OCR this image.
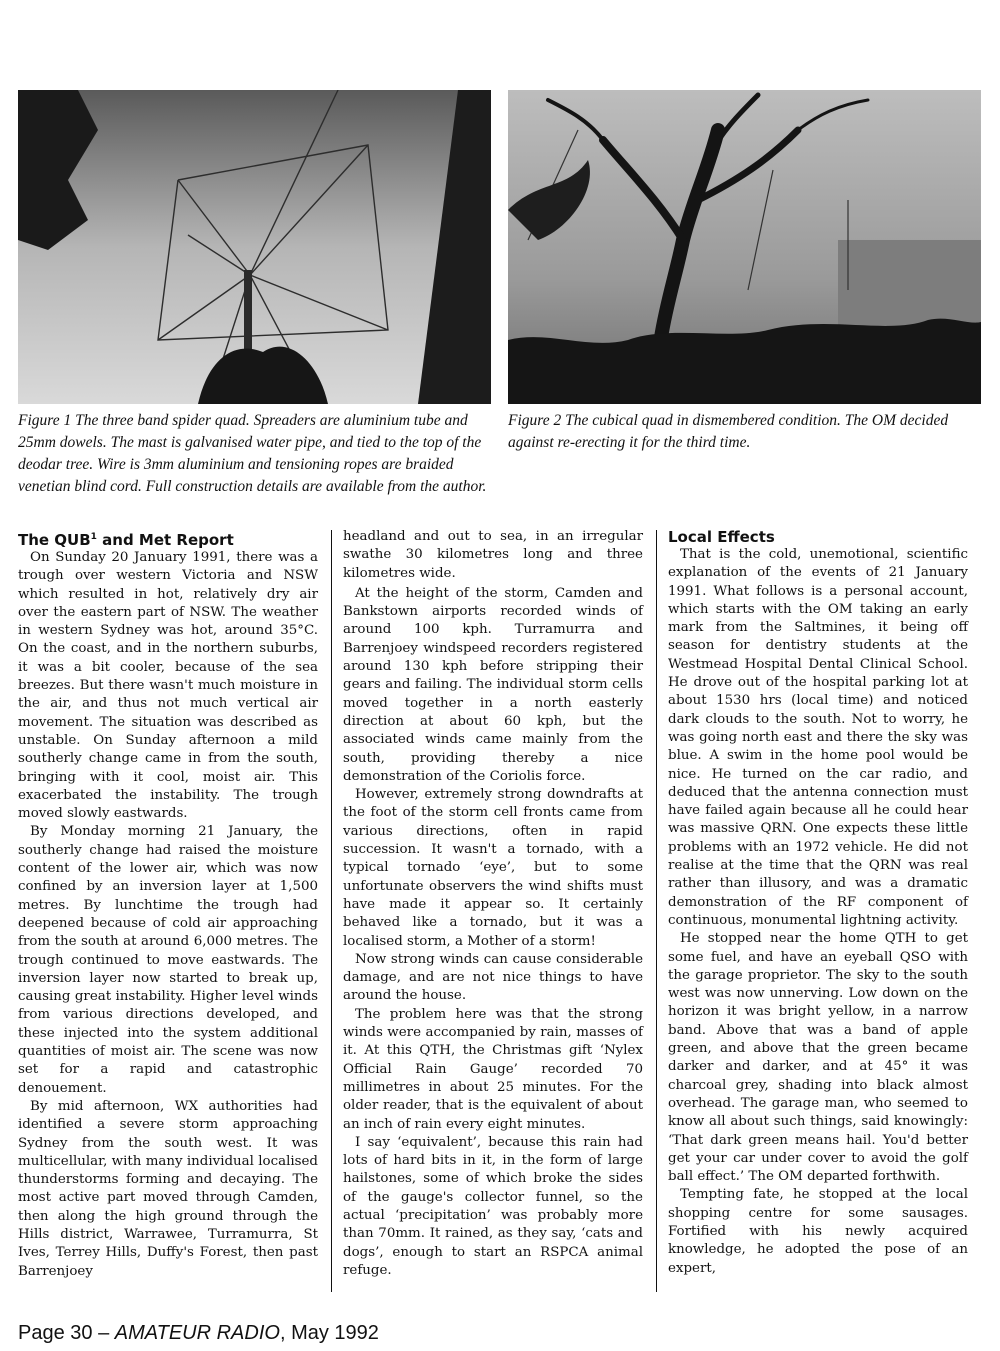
Figure 1 The three band spider quad. Spreaders are aluminium tube and 25mm dowels. The mast is galvanised water pipe, and tied to the top of the deodar tree. Wire is 3mm aluminium and tensioning ropes are braided venetian blind cord. Full construction details are available from the author.
Figure 2 The cubical quad in dismembered condition. The OM decided against re-erecting it for the third time.
The QUB$^1$ and Met Report

On Sunday 20 January 1991, there was a trough over western Victoria and NSW which resulted in hot, relatively dry air over the eastern part of NSW. The weather in western Sydney was hot, around 35°C. On the coast, and in the northern suburbs, it was a bit cooler, because of the sea breezes. But there wasn't much moisture in the air, and thus not much vertical air movement. The situation was described as unstable. On Sunday afternoon a mild southerly change came in from the south, bringing with it cool, moist air. This exacerbated the instability. The trough moved slowly eastwards.

By Monday morning 21 January, the southerly change had raised the moisture content of the lower air, which was now confined by an inversion layer at 1,500 metres. By lunchtime the trough had deepened because of cold air approaching from the south at around 6,000 metres. The trough continued to move eastwards. The inversion layer now started to break up, causing great instability. Higher level winds from various directions developed, and these injected into the system additional quantities of moist air. The scene was now set for a rapid and catastrophic denouement.

By mid afternoon, WX authorities had identified a severe storm approaching Sydney from the south west. It was multicellular, with many individual localised thunderstorms forming and decaying. The most active part moved through Camden, then along the high ground through the Hills district, Warrawee, Turramurra, St Ives, Terrey Hills, Duffy's Forest, then past Barrenjoey

headland and out to sea, in an irregular swathe 30 kilometres long and three kilometres wide.

At the height of the storm, Camden and Bankstown airports recorded winds of around 100 kph. Turramurra and Barrenjoey windspeed recorders registered around 130 kph before stripping their gears and failing. The individual storm cells moved together in a north easterly direction at about 60 kph, but the associated winds came mainly from the south, providing thereby a nice demonstration of the Coriolis force.

However, extremely strong downdrafts at the foot of the storm cell fronts came from various directions, often in rapid succession. It wasn't a tornado, with a typical tornado ‘eye’, but to some unfortunate observers the wind shifts must have made it appear so. It certainly behaved like a tornado, but it was a localised storm, a Mother of a storm!

Now strong winds can cause considerable damage, and are not nice things to have around the house.

The problem here was that the strong winds were accompanied by rain, masses of it. At this QTH, the Christmas gift ‘Nylex Official Rain Gauge’ recorded 70 millimetres in about 25 minutes. For the older reader, that is the equivalent of about an inch of rain every eight minutes.

I say ‘equivalent’, because this rain had lots of hard bits in it, in the form of large hailstones, some of which broke the sides of the gauge's collector funnel, so the actual ‘precipitation’ was probably more than 70mm. It rained, as they say, ‘cats and dogs’, enough to start an RSPCA animal refuge.

Local Effects

That is the cold, unemotional, scientific explanation of the events of 21 January 1991. What follows is a personal account, which starts with the OM taking an early mark from the Saltmines, it being off season for dentistry students at the Westmead Hospital Dental Clinical School. He drove out of the hospital parking lot at about 1530 hrs (local time) and noticed dark clouds to the south. Not to worry, he was going north east and there the sky was blue. A swim in the home pool would be nice. He turned on the car radio, and deduced that the antenna connection must have failed again because all he could hear was massive QRN. One expects these little problems with an 1972 vehicle. He did not realise at the time that the QRN was real rather than illusory, and was a dramatic demonstration of the RF component of continuous, monumental lightning activity.

He stopped near the home QTH to get some fuel, and have an eyeball QSO with the garage proprietor. The sky to the south west was now unnerving. Low down on the horizon it was bright yellow, in a narrow band. Above that was a band of apple green, and above that the green became darker and darker, and at 45° it was charcoal grey, shading into black almost overhead. The garage man, who seemed to know all about such things, said knowingly: ‘That dark green means hail. You'd better get your car under cover to avoid the golf ball effect.’ The OM departed forthwith.

Tempting fate, he stopped at the local shopping centre for some sausages. Fortified with his newly acquired knowledge, he adopted the pose of an expert,

Page 30 – AMATEUR RADIO, May 1992
